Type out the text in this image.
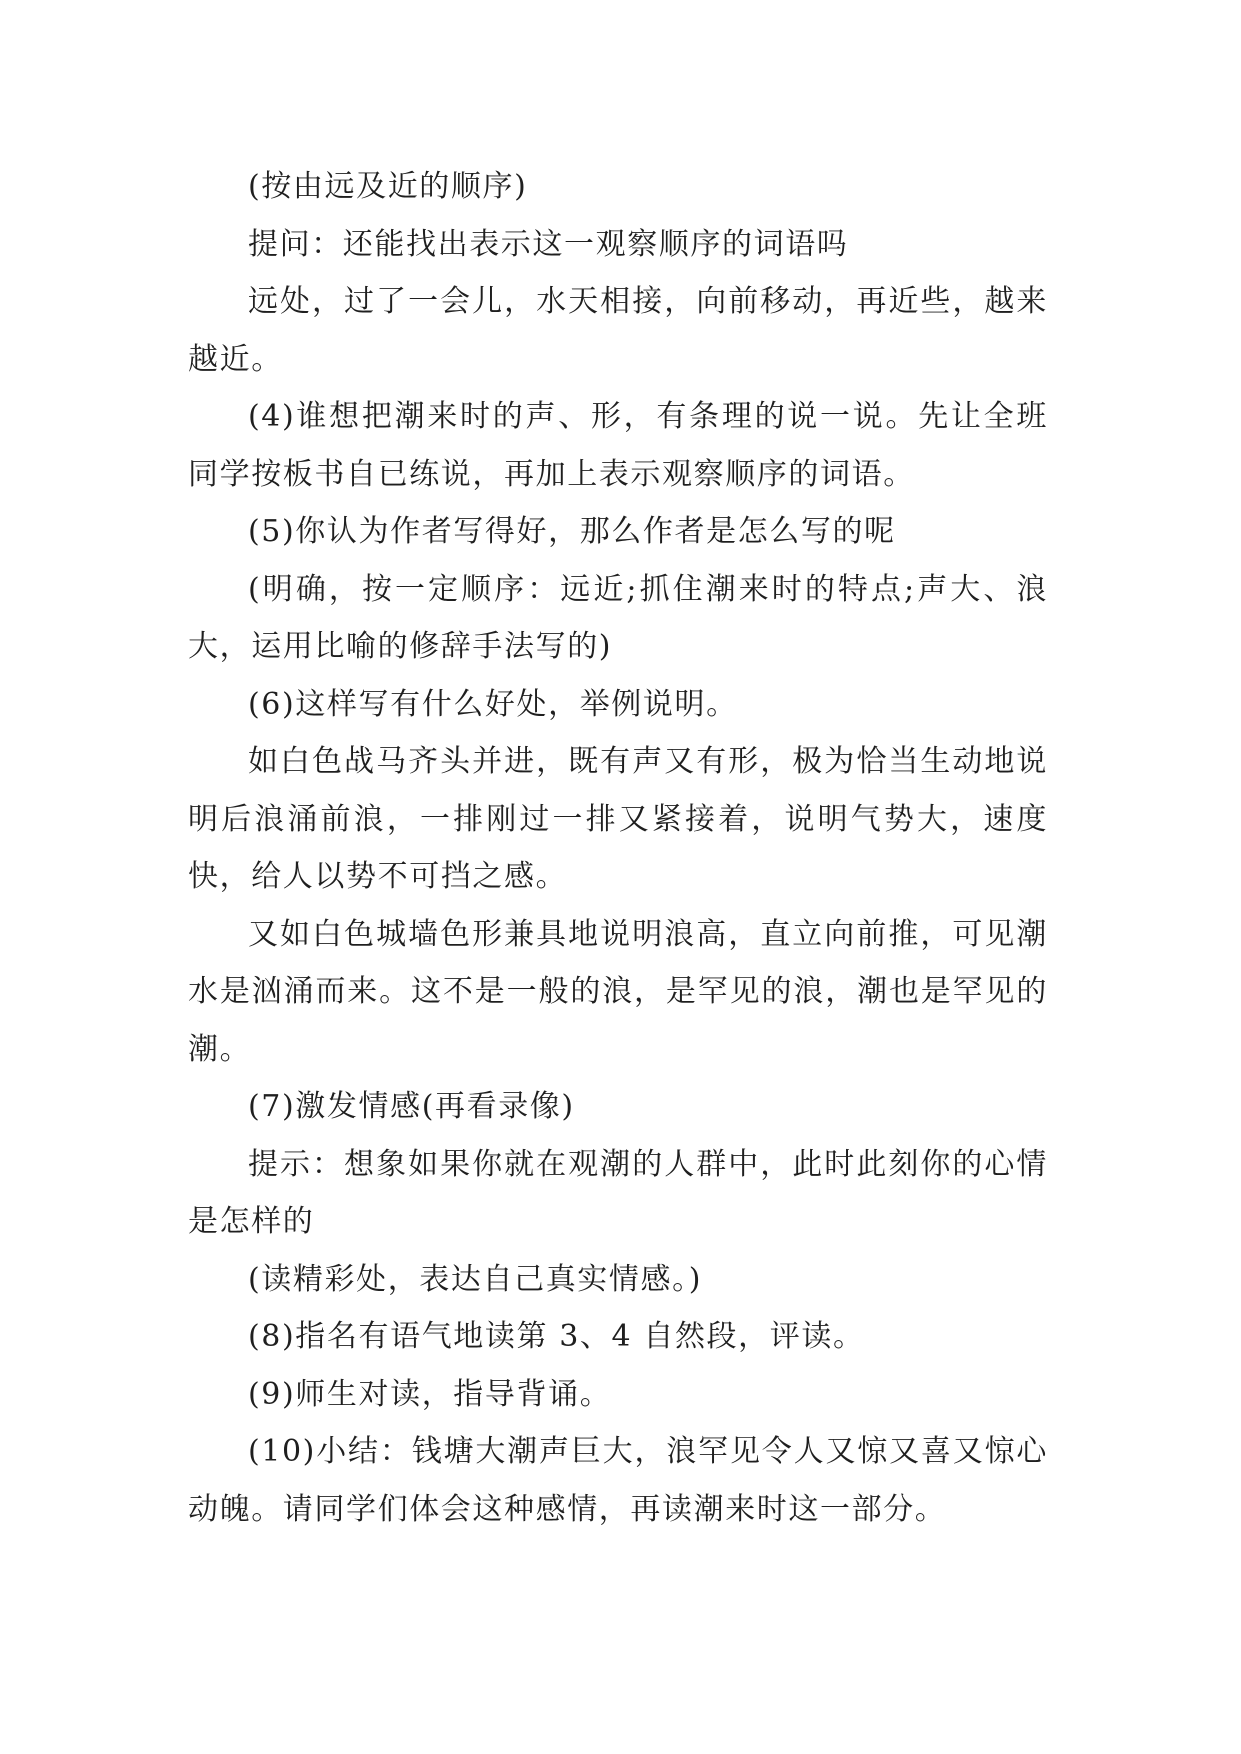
(按由远及近的顺序)

提问：还能找出表示这一观察顺序的词语吗

远处，过了一会儿，水天相接，向前移动，再近些，越来越近。

(4)谁想把潮来时的声、形，有条理的说一说。先让全班同学按板书自已练说，再加上表示观察顺序的词语。

(5)你认为作者写得好，那么作者是怎么写的呢

(明确，按一定顺序：远近;抓住潮来时的特点;声大、浪大，运用比喻的修辞手法写的)

(6)这样写有什么好处，举例说明。

如白色战马齐头并进，既有声又有形，极为恰当生动地说明后浪涌前浪，一排刚过一排又紧接着，说明气势大，速度快，给人以势不可挡之感。

又如白色城墙色形兼具地说明浪高，直立向前推，可见潮水是汹涌而来。这不是一般的浪，是罕见的浪，潮也是罕见的潮。

(7)激发情感(再看录像)

提示：想象如果你就在观潮的人群中，此时此刻你的心情是怎样的

(读精彩处，表达自己真实情感。)

(8)指名有语气地读第 3、4 自然段，评读。

(9)师生对读，指导背诵。

(10)小结：钱塘大潮声巨大，浪罕见令人又惊又喜又惊心动魄。请同学们体会这种感情，再读潮来时这一部分。
